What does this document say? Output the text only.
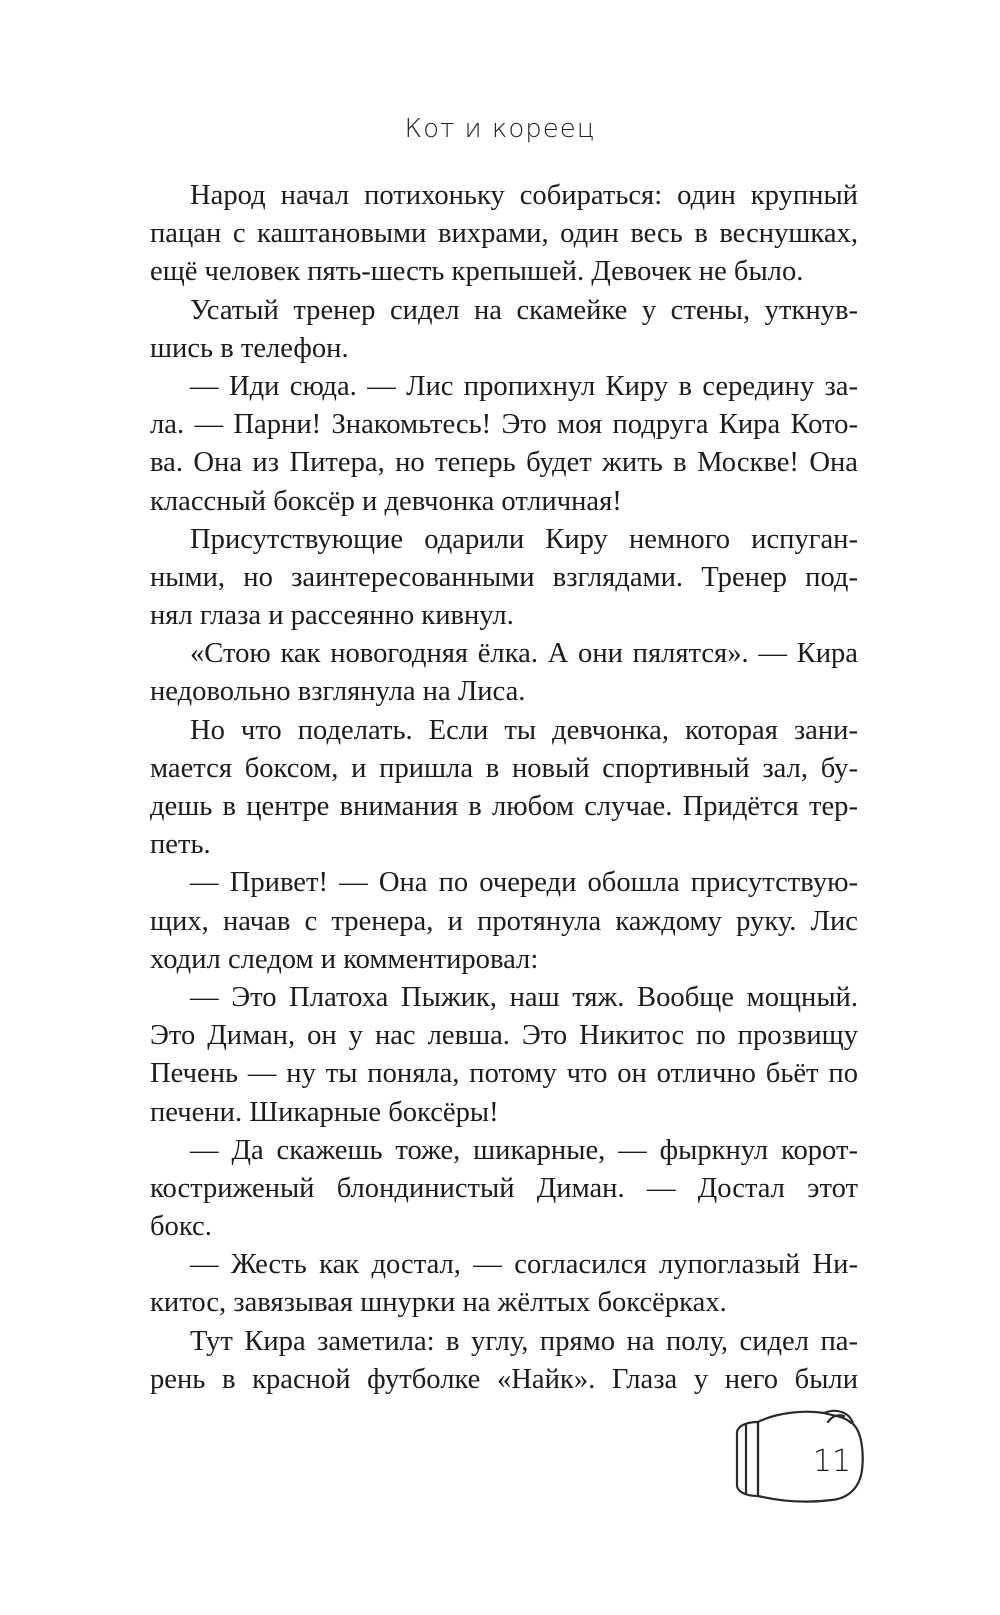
Кот и кореец
Народ начал потихоньку собираться: один крупный
пацан с каштановыми вихрами, один весь в веснушках,
ещё человек пять-шесть крепышей. Девочек не было.
Усатый тренер сидел на скамейке у стены, уткнув-
шись в телефон.
— Иди сюда. — Лис пропихнул Киру в середину за-
ла. — Парни! Знакомьтесь! Это моя подруга Кира Кото-
ва. Она из Питера, но теперь будет жить в Москве! Она
классный боксёр и девчонка отличная!
Присутствующие одарили Киру немного испуган-
ными, но заинтересованными взглядами. Тренер под-
нял глаза и рассеянно кивнул.
«Стою как новогодняя ёлка. А они пялятся». — Кира
недовольно взглянула на Лиса.
Но что поделать. Если ты девчонка, которая зани-
мается боксом, и пришла в новый спортивный зал, бу-
дешь в центре внимания в любом случае. Придётся тер-
петь.
— Привет! — Она по очереди обошла присутствую-
щих, начав с тренера, и протянула каждому руку. Лис
ходил следом и комментировал:
— Это Платоха Пыжик, наш тяж. Вообще мощный.
Это Диман, он у нас левша. Это Никитос по прозвищу
Печень — ну ты поняла, потому что он отлично бьёт по
печени. Шикарные боксёры!
— Да скажешь тоже, шикарные, — фыркнул корот-
костриженый блондинистый Диман. — Достал этот
бокс.
— Жесть как достал, — согласился лупоглазый Ни-
китос, завязывая шнурки на жёлтых боксёрках.
Тут Кира заметила: в углу, прямо на полу, сидел па-
рень в красной футболке «Найк». Глаза у него были
11
